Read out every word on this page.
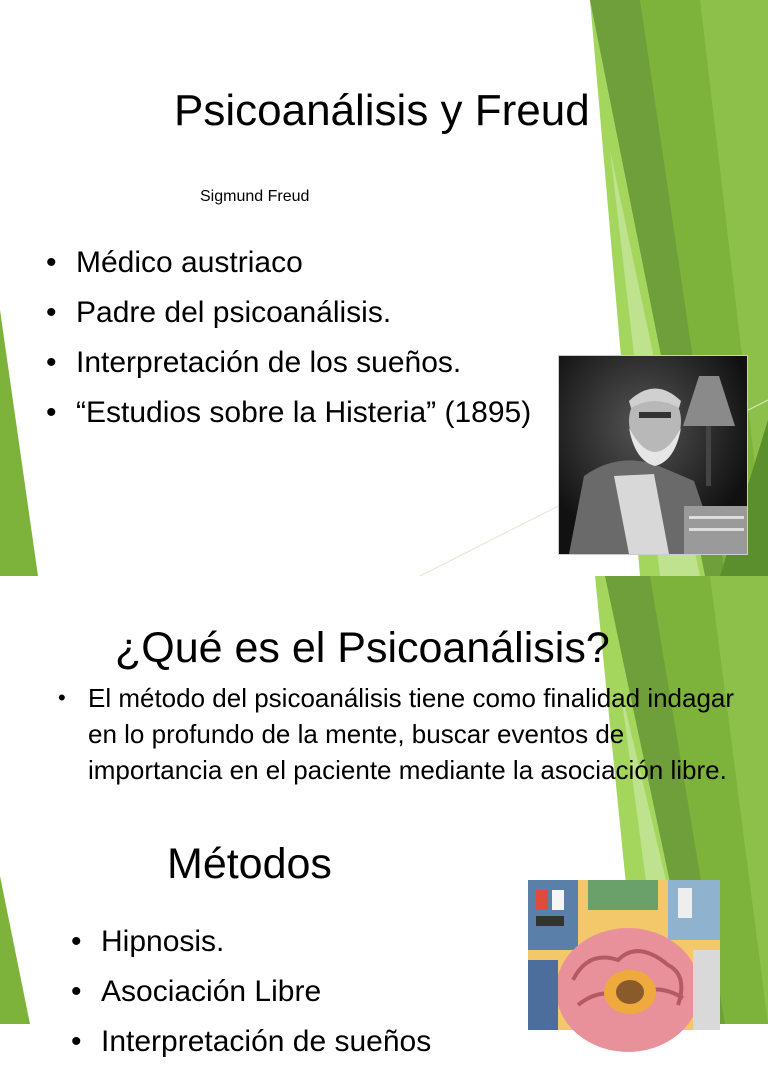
Psicoanálisis y Freud
Sigmund Freud
• Médico austriaco
• Padre del psicoanálisis.
• Interpretación de los sueños.
• “Estudios sobre la Histeria” (1895)
¿Qué es el Psicoanálisis?

• El método del psicoanálisis tiene como finalidad indagar en lo profundo de la mente, buscar eventos de importancia en el paciente mediante la asociación libre.

Métodos
• Hipnosis.
• Asociación Libre
• Interpretación de sueños
